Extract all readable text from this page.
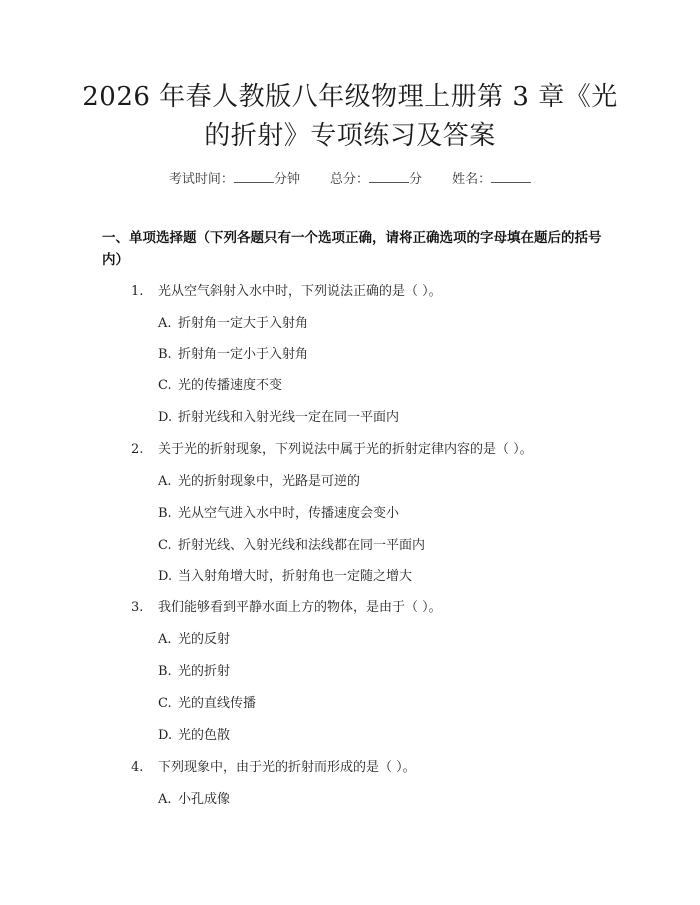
2026 年春人教版八年级物理上册第 3 章《光
的折射》专项练习及答案
考试时间：	分钟 总分：	分 姓名：
一、单项选择题（下列各题只有一个选项正确，请将正确选项的字母填在题后的括号内）
1. 光从空气斜射入水中时，下列说法正确的是（ ）。
A. 折射角一定大于入射角
B. 折射角一定小于入射角
C. 光的传播速度不变
D. 折射光线和入射光线一定在同一平面内
2. 关于光的折射现象，下列说法中属于光的折射定律内容的是（ ）。
A. 光的折射现象中，光路是可逆的
B. 光从空气进入水中时，传播速度会变小
C. 折射光线、入射光线和法线都在同一平面内
D. 当入射角增大时，折射角也一定随之增大
3. 我们能够看到平静水面上方的物体，是由于（ ）。
A. 光的反射
B. 光的折射
C. 光的直线传播
D. 光的色散
4. 下列现象中，由于光的折射而形成的是（ ）。
A. 小孔成像
